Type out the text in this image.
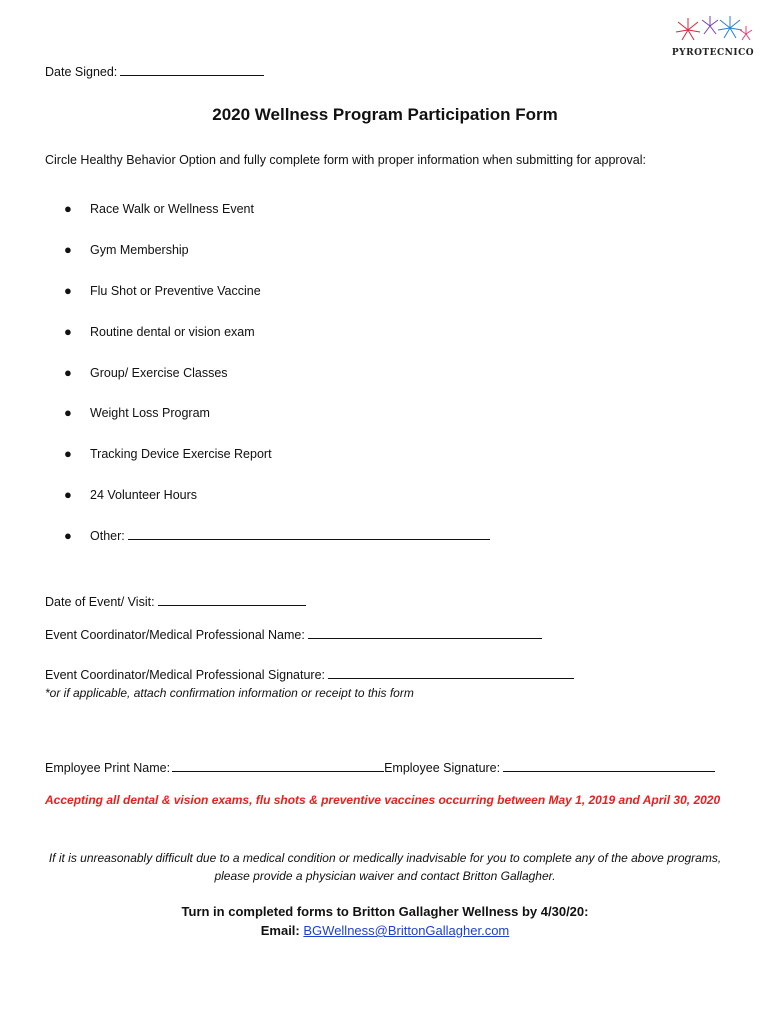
PYROTECNICO
Date Signed:
2020 Wellness Program Participation Form
Circle Healthy Behavior Option and fully complete form with proper information when submitting for approval:
● Race Walk or Wellness Event
● Gym Membership
● Flu Shot or Preventive Vaccine
● Routine dental or vision exam
● Group/ Exercise Classes
● Weight Loss Program
● Tracking Device Exercise Report
● 24 Volunteer Hours
● Other:
Date of Event/ Visit:
Event Coordinator/Medical Professional Name:
Event Coordinator/Medical Professional Signature:
*or if applicable, attach confirmation information or receipt to this form
Employee Print Name:	Employee Signature:
Accepting all dental & vision exams, flu shots & preventive vaccines occurring between May 1, 2019 and April 30, 2020
If it is unreasonably difficult due to a medical condition or medically inadvisable for you to complete any of the above programs, please provide a physician waiver and contact Britton Gallagher.
Turn in completed forms to Britton Gallagher Wellness by 4/30/20:
Email: BGWellness@BrittonGallagher.com
